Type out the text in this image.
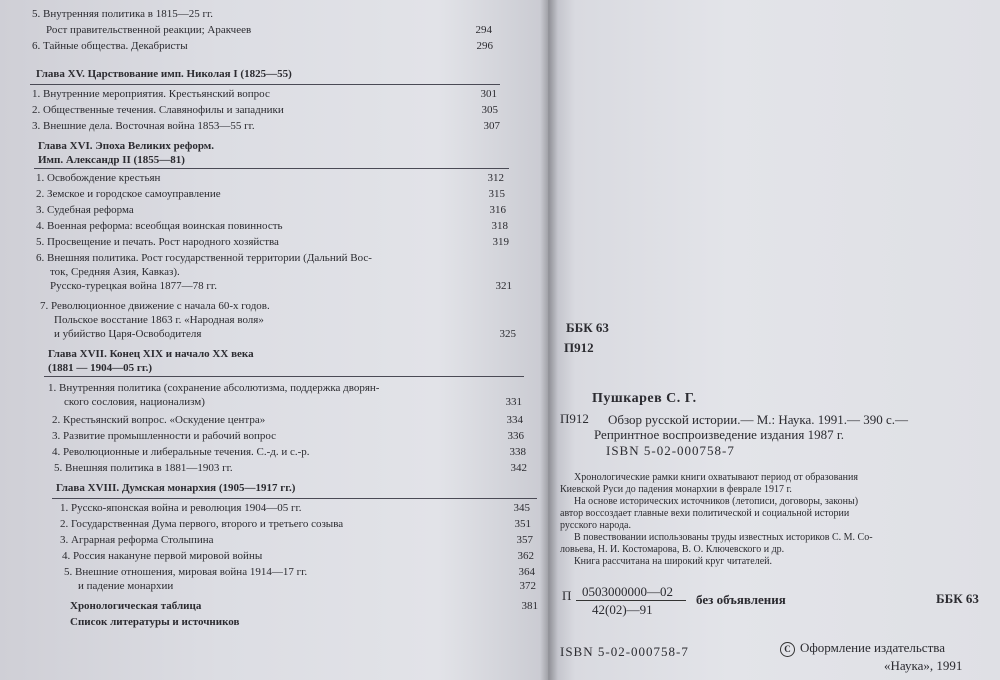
5. Внутренняя политика в 1815—25 гг.
Рост правительственной реакции; Аракчеев	294
6. Тайные общества. Декабристы	296
Глава XV. Царствование имп. Николая I (1825—55)
1. Внутренние мероприятия. Крестьянский вопрос	301
2. Общественные течения. Славянофилы и западники	305
3. Внешние дела. Восточная война 1853—55 гг.	307
Глава XVI. Эпоха Великих реформ.
Имп. Александр II (1855—81)
1. Освобождение крестьян	312
2. Земское и городское самоуправление	315
3. Судебная реформа	316
4. Военная реформа: всеобщая воинская повинность	318
5. Просвещение и печать. Рост народного хозяйства	319
6. Внешняя политика. Рост государственной территории (Дальний Вос-
ток, Средняя Азия, Кавказ).
Русско-турецкая война 1877—78 гг.	321
7. Революционное движение с начала 60-х годов.
Польское восстание 1863 г. «Народная воля»
и убийство Царя-Освободителя	325
Глава XVII. Конец XIX и начало XX века
(1881 — 1904—05 гг.)
1. Внутренняя политика (сохранение абсолютизма, поддержка дворян-
ского сословия, национализм)	331
2. Крестьянский вопрос. «Оскудение центра»	334
3. Развитие промышленности и рабочий вопрос	336
4. Революционные и либеральные течения. С.-д. и с.-р.	338
5. Внешняя политика в 1881—1903 гг.	342
Глава XVIII. Думская монархия (1905—1917 гг.)
1. Русско-японская война и революция 1904—05 гг.	345
2. Государственная Дума первого, второго и третьего созыва	351
3. Аграрная реформа Столыпина	357
4. Россия накануне первой мировой войны	362
5. Внешние отношения, мировая война 1914—17 гг.	364
и падение монархии	372
Хронологическая таблица	381
Список литературы и источников
ББК 63
П912
Пушкарев С. Г.
П912 Обзор русской истории.— М.: Наука. 1991.— 390 с.—
Репринтное воспроизведение издания 1987 г.
ISBN 5-02-000758-7
Хронологические рамки книги охватывают период от образования
Киевской Руси до падения монархии в феврале 1917 г.
На основе исторических источников (летописи, договоры, законы)
автор воссоздает главные вехи политической и социальной истории
русского народа.
В повествовании использованы труды известных историков С. М. Со-
ловьева, Н. И. Костомарова, В. О. Ключевского и др.
Книга рассчитана на широкий круг читателей.
П 0503000000—02
42(02)—91
без объявления	ББК 63
ISBN 5-02-000758-7	C Оформление издательства
«Наука», 1991
